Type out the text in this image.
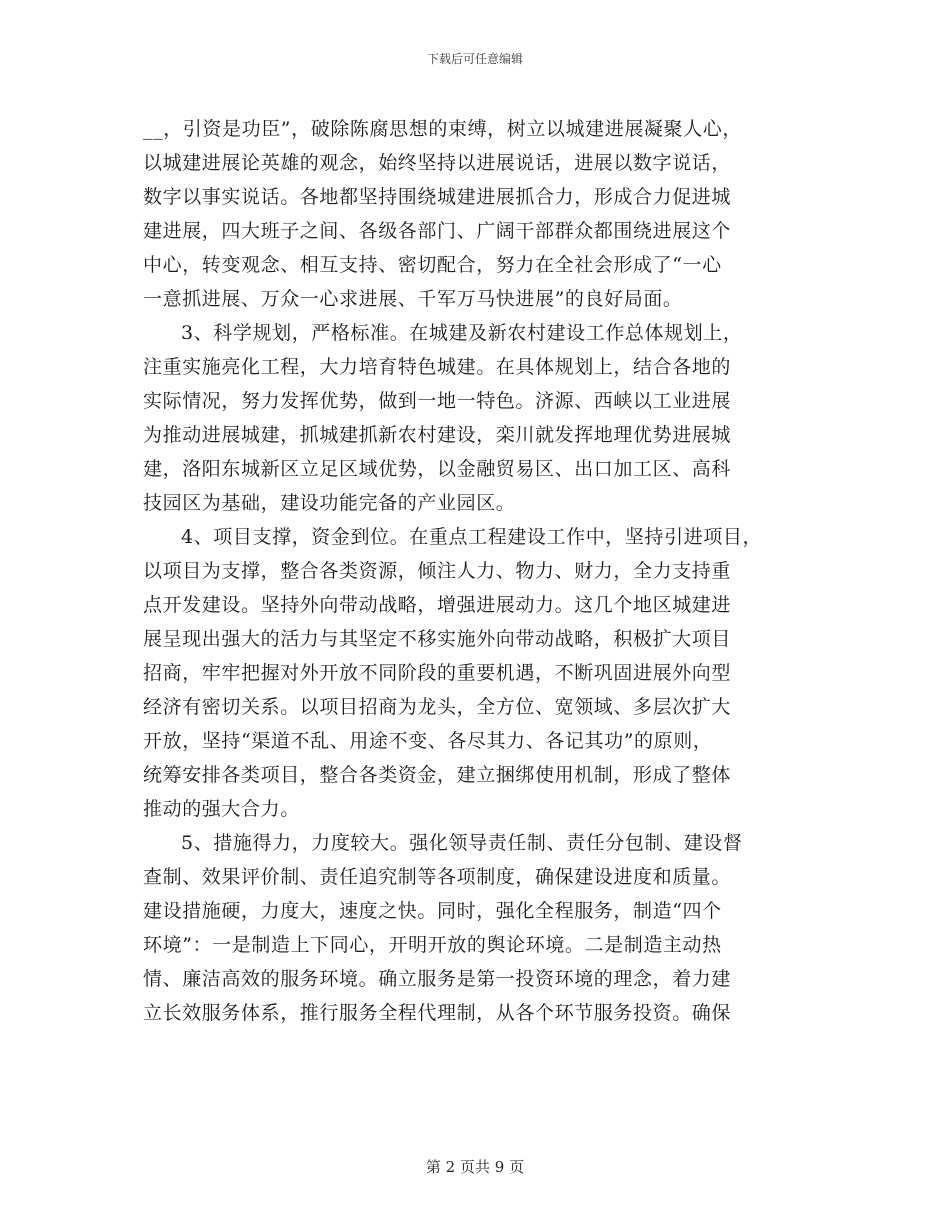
下载后可任意编辑

__，引资是功臣”，破除陈腐思想的束缚，树立以城建进展凝聚人心，
以城建进展论英雄的观念，始终坚持以进展说话，进展以数字说话，
数字以事实说话。各地都坚持围绕城建进展抓合力，形成合力促进城
建进展，四大班子之间、各级各部门、广阔干部群众都围绕进展这个
中心，转变观念、相互支持、密切配合，努力在全社会形成了“一心
一意抓进展、万众一心求进展、千军万马快进展”的良好局面。

3、科学规划，严格标准。在城建及新农村建设工作总体规划上，
注重实施亮化工程，大力培育特色城建。在具体规划上，结合各地的
实际情况，努力发挥优势，做到一地一特色。济源、西峡以工业进展
为推动进展城建，抓城建抓新农村建设，栾川就发挥地理优势进展城
建，洛阳东城新区立足区域优势，以金融贸易区、出口加工区、高科
技园区为基础，建设功能完备的产业园区。

4、项目支撑，资金到位。在重点工程建设工作中，坚持引进项目，
以项目为支撑，整合各类资源，倾注人力、物力、财力，全力支持重
点开发建设。坚持外向带动战略，增强进展动力。这几个地区城建进
展呈现出强大的活力与其坚定不移实施外向带动战略，积极扩大项目
招商，牢牢把握对外开放不同阶段的重要机遇，不断巩固进展外向型
经济有密切关系。以项目招商为龙头，全方位、宽领域、多层次扩大
开放，坚持“渠道不乱、用途不变、各尽其力、各记其功”的原则，
统筹安排各类项目，整合各类资金，建立捆绑使用机制，形成了整体
推动的强大合力。

5、措施得力，力度较大。强化领导责任制、责任分包制、建设督
查制、效果评价制、责任追究制等各项制度，确保建设进度和质量。
建设措施硬，力度大，速度之快。同时，强化全程服务，制造“四个
环境”：一是制造上下同心，开明开放的舆论环境。二是制造主动热
情、廉洁高效的服务环境。确立服务是第一投资环境的理念，着力建
立长效服务体系，推行服务全程代理制，从各个环节服务投资。确保

第 2 页共 9 页
